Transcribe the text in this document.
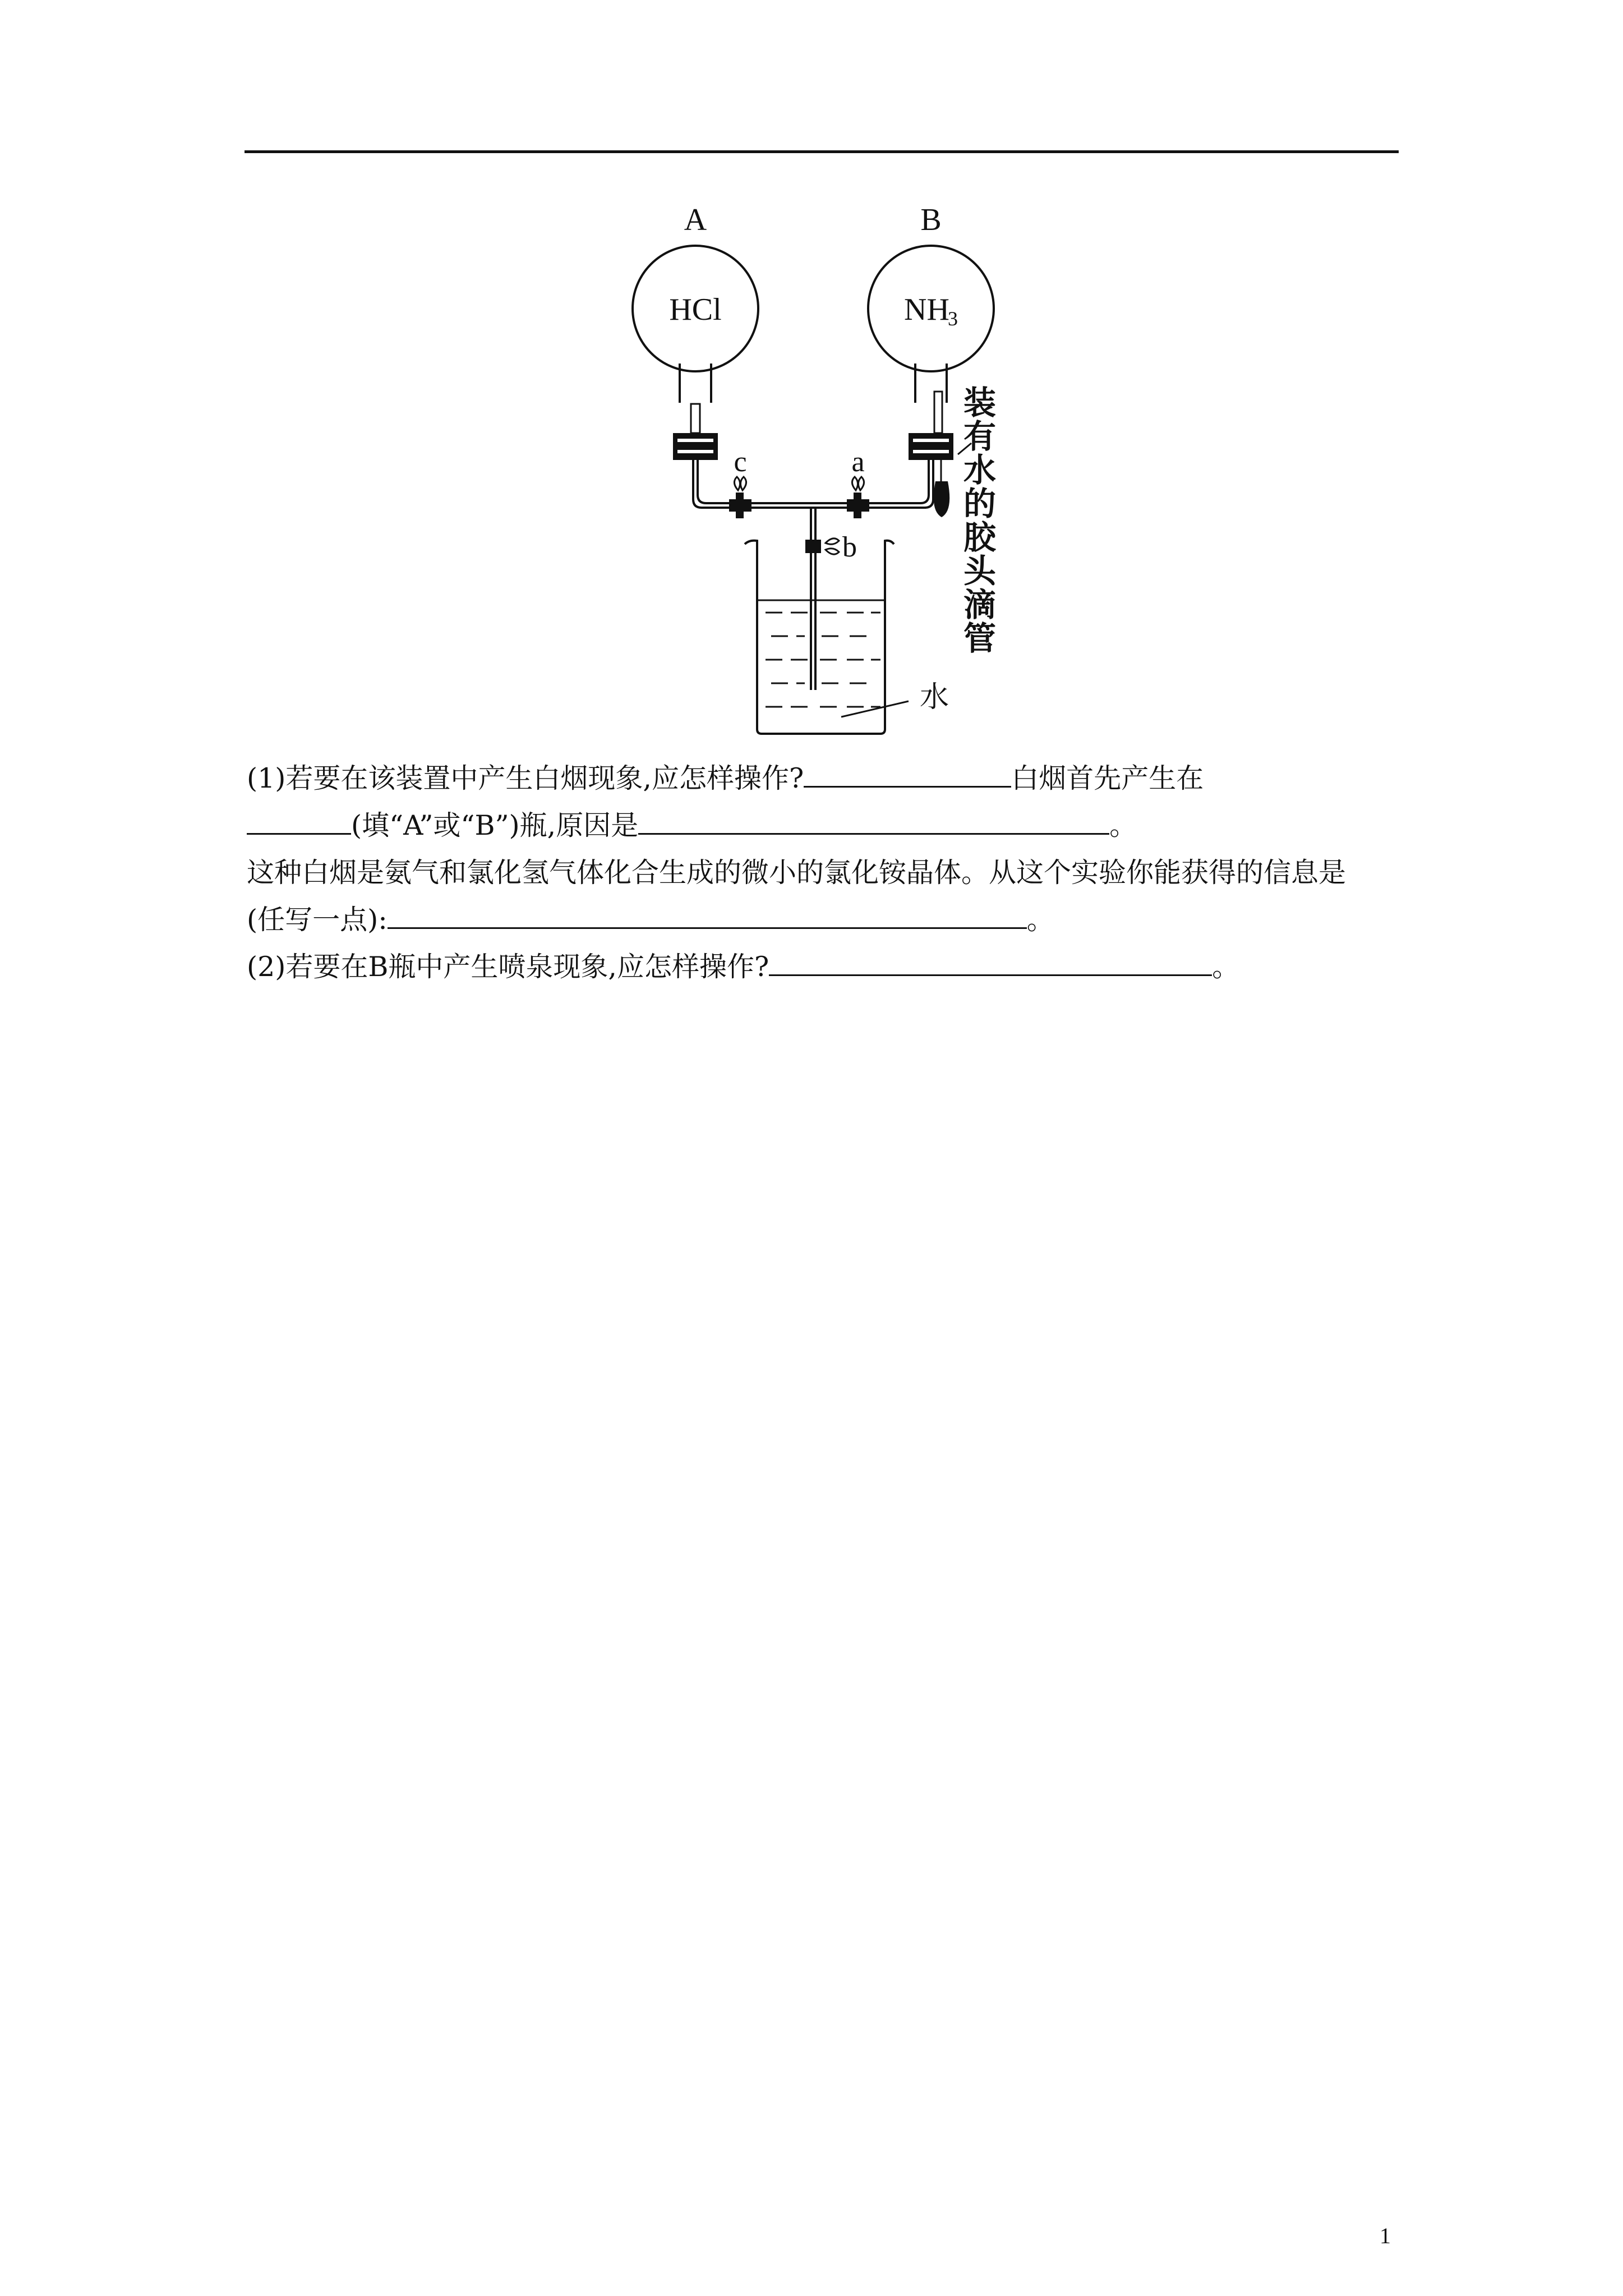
A	B
HCl	NH
3
c	a
b
装
有
水
的
胶
头
滴
管
水
(1)若要在该装置中产生白烟现象,应怎样操作?	白烟首先产生在
(填“A”或“B”)瓶,原因是	。
这种白烟是氨气和氯化氢气体化合生成的微小的氯化铵晶体。从这个实验你能获得的信息是
(任写一点):	。
(2)若要在B瓶中产生喷泉现象,应怎样操作?	。
1
